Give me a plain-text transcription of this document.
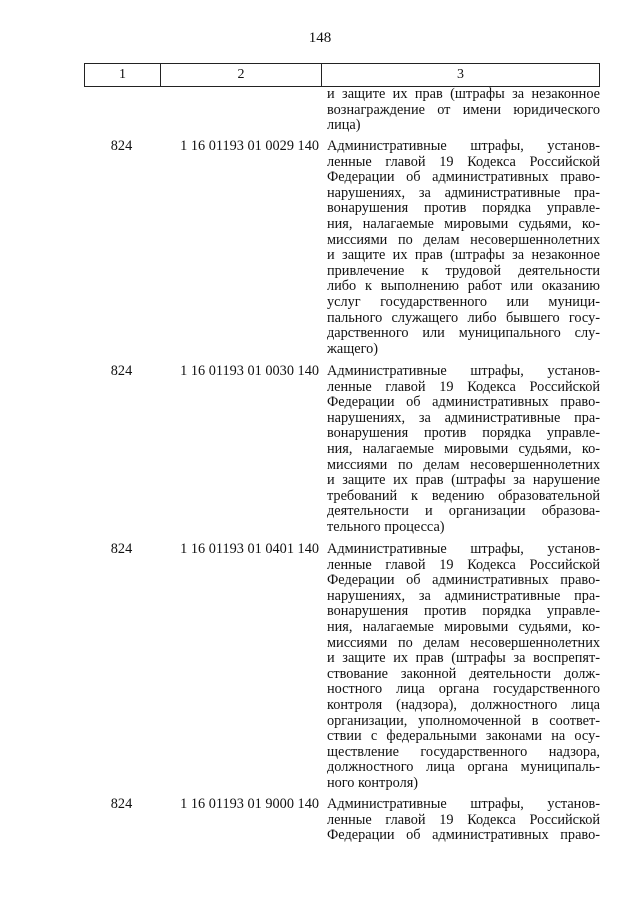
148
1	2	3
и защите их прав (штрафы за незаконное
вознаграждение от имени юридического
лица)
824	1 16 01193 01 0029 140 Административные штрафы, установ-
ленные главой 19 Кодекса Российской
Федерации об административных право-
нарушениях, за административные пра-
вонарушения против порядка управле-
ния, налагаемые мировыми судьями, ко-
миссиями по делам несовершеннолетних
и защите их прав (штрафы за незаконное
привлечение к трудовой деятельности
либо к выполнению работ или оказанию
услуг государственного или муници-
пального служащего либо бывшего госу-
дарственного или муниципального слу-
жащего)
824	1 16 01193 01 0030 140 Административные штрафы, установ-
ленные главой 19 Кодекса Российской
Федерации об административных право-
нарушениях, за административные пра-
вонарушения против порядка управле-
ния, налагаемые мировыми судьями, ко-
миссиями по делам несовершеннолетних
и защите их прав (штрафы за нарушение
требований к ведению образовательной
деятельности и организации образова-
тельного процесса)
824	1 16 01193 01 0401 140 Административные штрафы, установ-
ленные главой 19 Кодекса Российской
Федерации об административных право-
нарушениях, за административные пра-
вонарушения против порядка управле-
ния, налагаемые мировыми судьями, ко-
миссиями по делам несовершеннолетних
и защите их прав (штрафы за воспрепят-
ствование законной деятельности долж-
ностного лица органа государственного
контроля (надзора), должностного лица
организации, уполномоченной в соответ-
ствии с федеральными законами на осу-
ществление государственного надзора,
должностного лица органа муниципаль-
ного контроля)
824	1 16 01193 01 9000 140 Административные штрафы, установ-
ленные главой 19 Кодекса Российской
Федерации об административных право-
